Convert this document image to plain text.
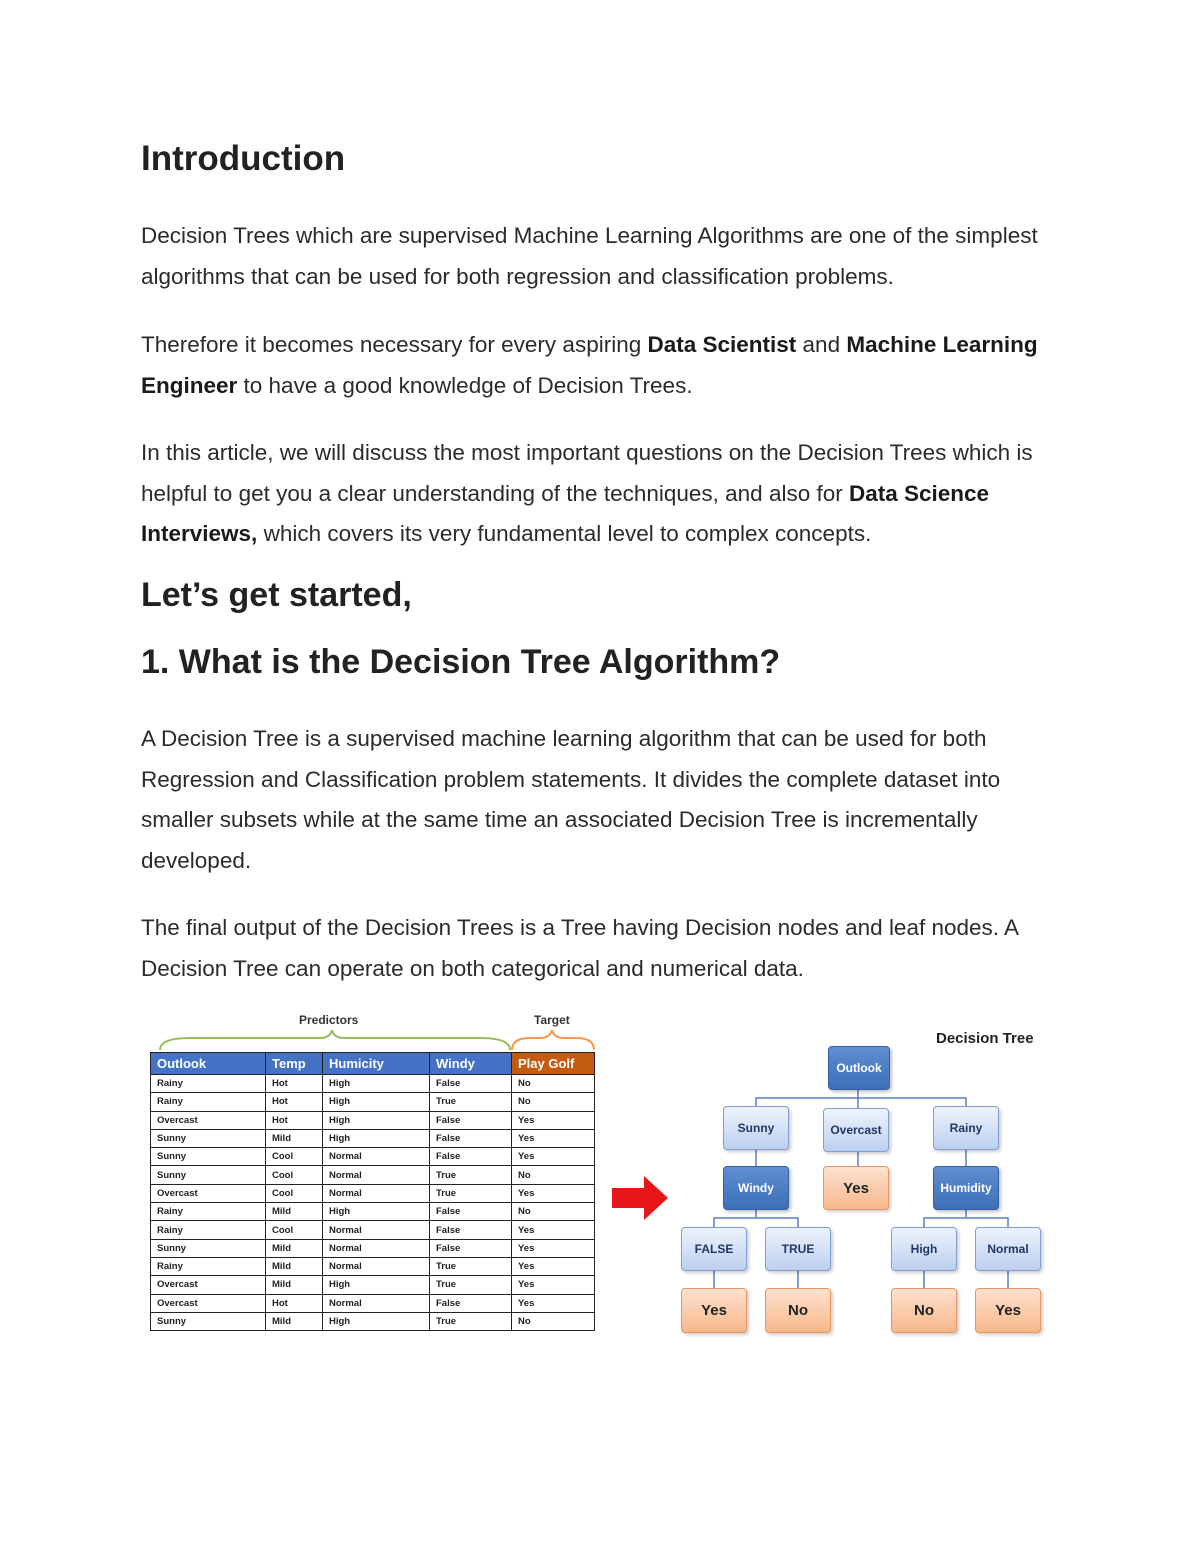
Introduction

Decision Trees which are supervised Machine Learning Algorithms are one of the simplest algorithms that can be used for both regression and classification problems.

Therefore it becomes necessary for every aspiring Data Scientist and Machine Learning Engineer to have a good knowledge of Decision Trees.

In this article, we will discuss the most important questions on the Decision Trees which is helpful to get you a clear understanding of the techniques, and also for Data Science Interviews, which covers its very fundamental level to complex concepts.

Let’s get started,
1. What is the Decision Tree Algorithm?

A Decision Tree is a supervised machine learning algorithm that can be used for both Regression and Classification problem statements. It divides the complete dataset into smaller subsets while at the same time an associated Decision Tree is incrementally developed.

The final output of the Decision Trees is a Tree having Decision nodes and leaf nodes. A Decision Tree can operate on both categorical and numerical data.

Predictors	Target
Outlook	Temp	Humicity	Windy	Play Golf
Rainy	Hot	High	False	No
Rainy	Hot	High	True	No
Overcast	Hot	High	False	Yes
Sunny	Mild	High	False	Yes
Sunny	Cool	Normal	False	Yes
Sunny	Cool	Normal	True	No
Overcast	Cool	Normal	True	Yes
Rainy	Mild	High	False	No
Rainy	Cool	Normal	False	Yes
Sunny	Mild	Normal	False	Yes
Rainy	Mild	Normal	True	Yes
Overcast	Mild	High	True	Yes
Overcast	Hot	Normal	False	Yes
Sunny	Mild	High	True	No
Decision Tree
Outlook
Sunny	Overcast	Rainy
Windy	Yes	Humidity
FALSE	TRUE	High	Normal
Yes	No	No	Yes
